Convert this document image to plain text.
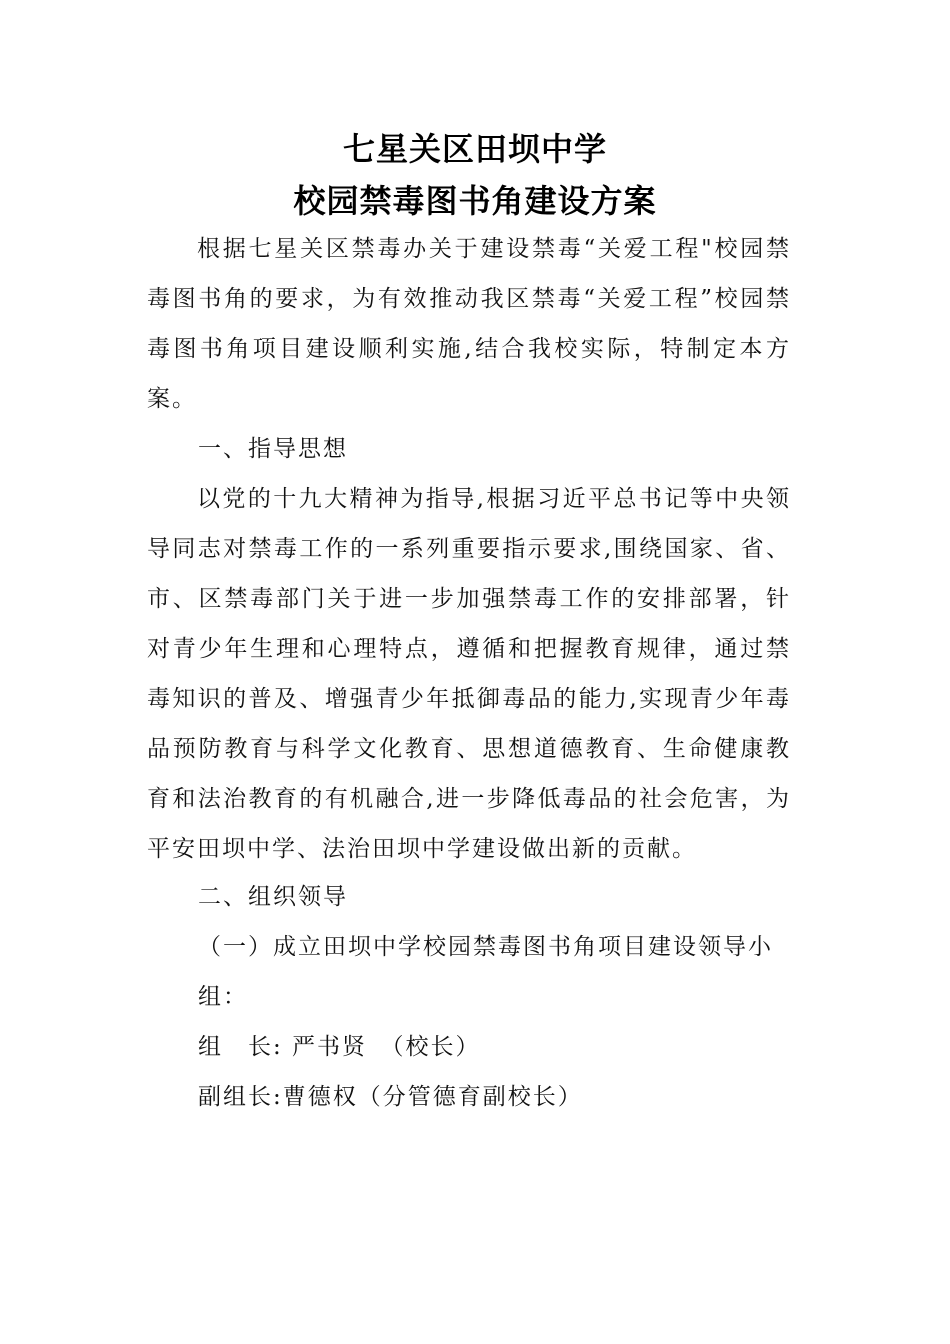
七星关区田坝中学
校园禁毒图书角建设方案

根据七星关区禁毒办关于建设禁毒“关爱工程"校园禁毒图书角的要求，为有效推动我区禁毒“关爱工程”校园禁毒图书角项目建设顺利实施,结合我校实际，特制定本方案。

一、指导思想

以党的十九大精神为指导,根据习近平总书记等中央领导同志对禁毒工作的一系列重要指示要求,围绕国家、省、市、区禁毒部门关于进一步加强禁毒工作的安排部署，针对青少年生理和心理特点，遵循和把握教育规律，通过禁毒知识的普及、增强青少年抵御毒品的能力,实现青少年毒品预防教育与科学文化教育、思想道德教育、生命健康教育和法治教育的有机融合,进一步降低毒品的社会危害，为平安田坝中学、法治田坝中学建设做出新的贡献。

二、组织领导

（一）成立田坝中学校园禁毒图书角项目建设领导小

组：

组　长: 严书贤　（校长）

副组长:曹德权（分管德育副校长）
